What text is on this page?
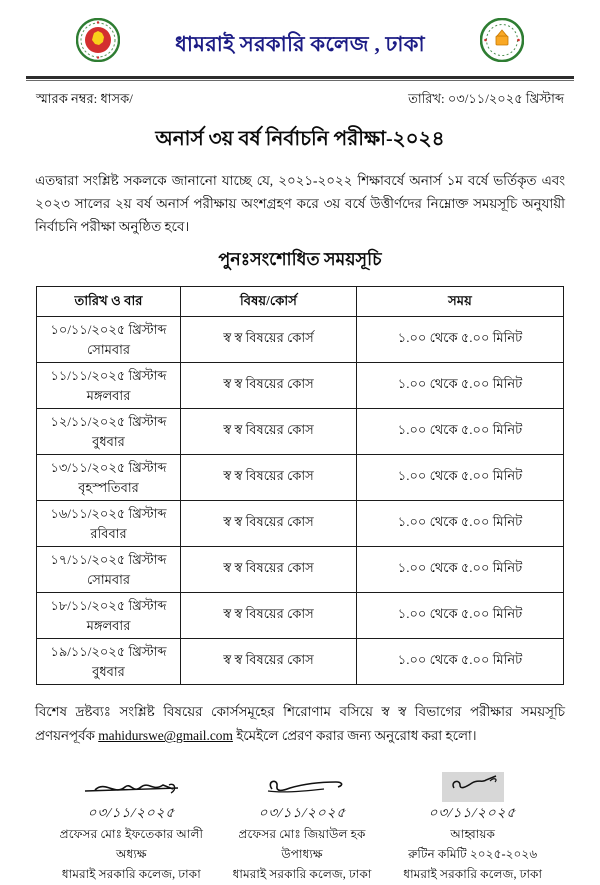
ধামরাই সরকারি কলেজ , ঢাকা
স্মারক নম্বর: ধাসক/	তারিখ: ০৩/১১/২০২৫ খ্রিস্টাব্দ
অনার্স ৩য় বর্ষ নির্বাচনি পরীক্ষা-২০২৪

এতদ্বারা সংশ্লিষ্ট সকলকে জানানো যাচ্ছে যে, ২০২১-২০২২ শিক্ষাবর্ষে অনার্স ১ম বর্ষে ভর্তিকৃত এবং ২০২৩ সালের ২য় বর্ষ অনার্স পরীক্ষায় অংশগ্রহণ করে ৩য় বর্ষে উত্তীর্ণদের নিম্নোক্ত সময়সূচি অনুযায়ী নির্বাচনি পরীক্ষা অনুষ্ঠিত হবে।

পুনঃসংশোধিত সময়সূচি
তারিখ ও বার	বিষয়/কোর্স	সময়

১০/১১/২০২৫ খ্রিস্টাব্দ
সোমবার	স্ব স্ব বিষয়ের কোর্স	১.০০ থেকে ৫.০০ মিনিট

১১/১১/২০২৫ খ্রিস্টাব্দ
মঙ্গলবার	স্ব স্ব বিষয়ের কোস	১.০০ থেকে ৫.০০ মিনিট

১২/১১/২০২৫ খ্রিস্টাব্দ
বুধবার	স্ব স্ব বিষয়ের কোস	১.০০ থেকে ৫.০০ মিনিট

১৩/১১/২০২৫ খ্রিস্টাব্দ
বৃহস্পতিবার	স্ব স্ব বিষয়ের কোস	১.০০ থেকে ৫.০০ মিনিট

১৬/১১/২০২৫ খ্রিস্টাব্দ
রবিবার	স্ব স্ব বিষয়ের কোস	১.০০ থেকে ৫.০০ মিনিট

১৭/১১/২০২৫ খ্রিস্টাব্দ
সোমবার	স্ব স্ব বিষয়ের কোস	১.০০ থেকে ৫.০০ মিনিট

১৮/১১/২০২৫ খ্রিস্টাব্দ
মঙ্গলবার	স্ব স্ব বিষয়ের কোস	১.০০ থেকে ৫.০০ মিনিট

১৯/১১/২০২৫ খ্রিস্টাব্দ
বুধবার	স্ব স্ব বিষয়ের কোস	১.০০ থেকে ৫.০০ মিনিট

বিশেষ দ্রষ্টব্যঃ সংশ্লিষ্ট বিষয়ের কোর্সসমূহের শিরোণাম বসিয়ে স্ব স্ব বিভাগের পরীক্ষার সময়সূচি প্রণয়নপূর্বক mahidurswe@gmail.com ইমেইলে প্রেরণ করার জন্য অনুরোধ করা হলো।

০৩/১১/২০২৫
প্রফেসর মোঃ ইফতেকার আলী
অধ্যক্ষ
ধামরাই সরকারি কলেজ, ঢাকা
০৩/১১/২০২৫
প্রফেসর মোঃ জিয়াউল হক
উপাধ্যক্ষ
ধামরাই সরকারি কলেজ, ঢাকা
০৩/১১/২০২৫
আহ্বায়ক
রুটিন কমিটি ২০২৫-২০২৬
ধামরাই সরকারি কলেজ, ঢাকা
